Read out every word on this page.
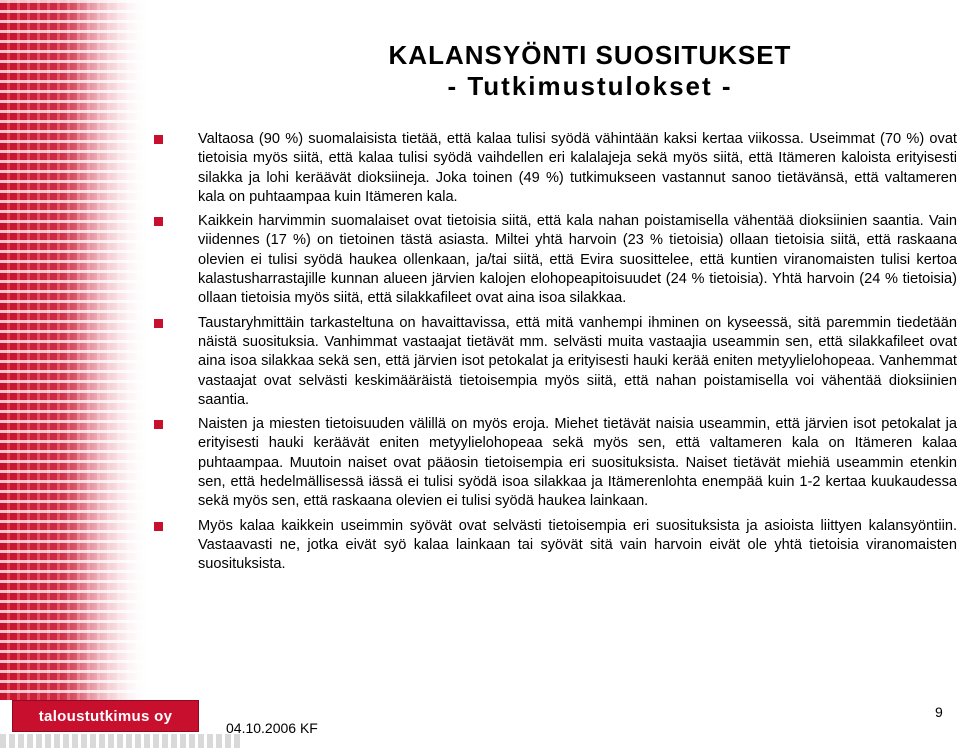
KALANSYÖNTI SUOSITUKSET

- Tutkimustulokset -

Valtaosa (90 %) suomalaisista tietää, että kalaa tulisi syödä vähintään kaksi kertaa viikossa. Useimmat (70 %) ovat tietoisia myös siitä, että kalaa tulisi syödä vaihdellen eri kalalajeja sekä myös siitä, että Itämeren kaloista erityisesti silakka ja lohi keräävät dioksiineja. Joka toinen (49 %) tutkimukseen vastannut sanoo tietävänsä, että valtameren kala on puhtaampaa kuin Itämeren kala.
Kaikkein harvimmin suomalaiset ovat tietoisia siitä, että kala nahan poistamisella vähentää dioksiinien saantia. Vain viidennes (17 %) on tietoinen tästä asiasta. Miltei yhtä harvoin (23 % tietoisia) ollaan tietoisia siitä, että raskaana olevien ei tulisi syödä haukea ollenkaan, ja/tai siitä, että Evira suosittelee, että kuntien viranomaisten tulisi kertoa kalastusharrastajille kunnan alueen järvien kalojen elohopeapitoisuudet (24 % tietoisia). Yhtä harvoin (24 % tietoisia) ollaan tietoisia myös siitä, että silakkafileet ovat aina isoa silakkaa.
Taustaryhmittäin tarkasteltuna on havaittavissa, että mitä vanhempi ihminen on kyseessä, sitä paremmin tiedetään näistä suosituksia. Vanhimmat vastaajat tietävät mm. selvästi muita vastaajia useammin sen, että silakkafileet ovat aina isoa silakkaa sekä sen, että järvien isot petokalat ja erityisesti hauki kerää eniten metyylielohopeaa. Vanhemmat vastaajat ovat selvästi keskimääräistä tietoisempia myös siitä, että nahan poistamisella voi vähentää dioksiinien saantia.
Naisten ja miesten tietoisuuden välillä on myös eroja. Miehet tietävät naisia useammin, että järvien isot petokalat ja erityisesti hauki keräävät eniten metyylielohopeaa sekä myös sen, että valtameren kala on Itämeren kalaa puhtaampaa. Muutoin naiset ovat pääosin tietoisempia eri suosituksista. Naiset tietävät miehiä useammin etenkin sen, että hedelmällisessä iässä ei tulisi syödä isoa silakkaa ja Itämerenlohta enempää kuin 1-2 kertaa kuukaudessa sekä myös sen, että raskaana olevien ei tulisi syödä haukea lainkaan.
Myös kalaa kaikkein useimmin syövät ovat selvästi tietoisempia eri suosituksista ja asioista liittyen kalansyöntiin. Vastaavasti ne, jotka eivät syö kalaa lainkaan tai syövät sitä vain harvoin eivät ole yhtä tietoisia viranomaisten suosituksista.
taloustutkimus oy
04.10.2006 KF
9
